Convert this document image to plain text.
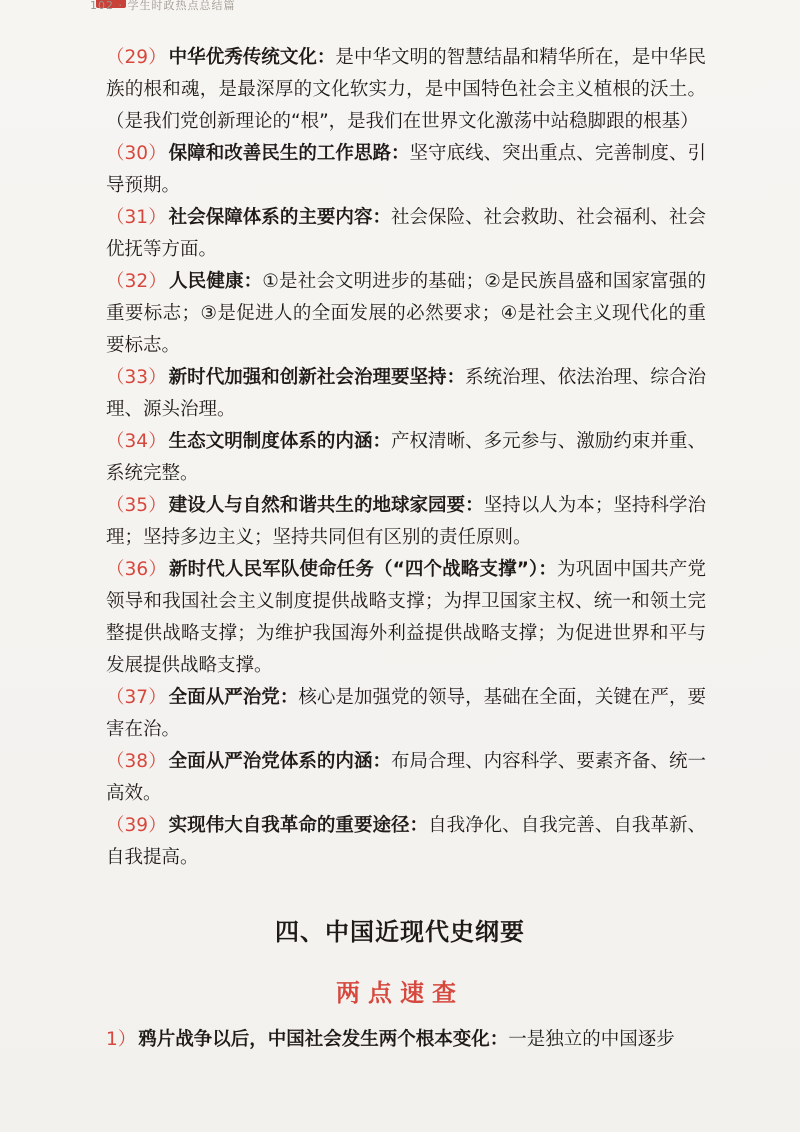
102 · 学生时政热点总结篇
（29） 中华优秀传统文化：是中华文明的智慧结晶和精华所在，是中华民族的根和魂，是最深厚的文化软实力，是中国特色社会主义植根的沃土。（是我们党创新理论的“根”，是我们在世界文化激荡中站稳脚跟的根基）
（30） 保障和改善民生的工作思路：坚守底线、突出重点、完善制度、引导预期。
（31） 社会保障体系的主要内容：社会保险、社会救助、社会福利、社会优抚等方面。
（32） 人民健康：①是社会文明进步的基础；②是民族昌盛和国家富强的重要标志；③是促进人的全面发展的必然要求；④是社会主义现代化的重要标志。
（33） 新时代加强和创新社会治理要坚持：系统治理、依法治理、综合治理、源头治理。
（34） 生态文明制度体系的内涵：产权清晰、多元参与、激励约束并重、系统完整。
（35） 建设人与自然和谐共生的地球家园要：坚持以人为本；坚持科学治理；坚持多边主义；坚持共同但有区别的责任原则。
（36） 新时代人民军队使命任务（“四个战略支撑”）：为巩固中国共产党领导和我国社会主义制度提供战略支撑；为捍卫国家主权、统一和领土完整提供战略支撑；为维护我国海外利益提供战略支撑；为促进世界和平与发展提供战略支撑。
（37） 全面从严治党：核心是加强党的领导，基础在全面，关键在严，要害在治。
（38） 全面从严治党体系的内涵：布局合理、内容科学、要素齐备、统一高效。
（39） 实现伟大自我革命的重要途径：自我净化、自我完善、自我革新、自我提高。
四、中国近现代史纲要
两点速查
1） 鸦片战争以后，中国社会发生两个根本变化：一是独立的中国逐步
